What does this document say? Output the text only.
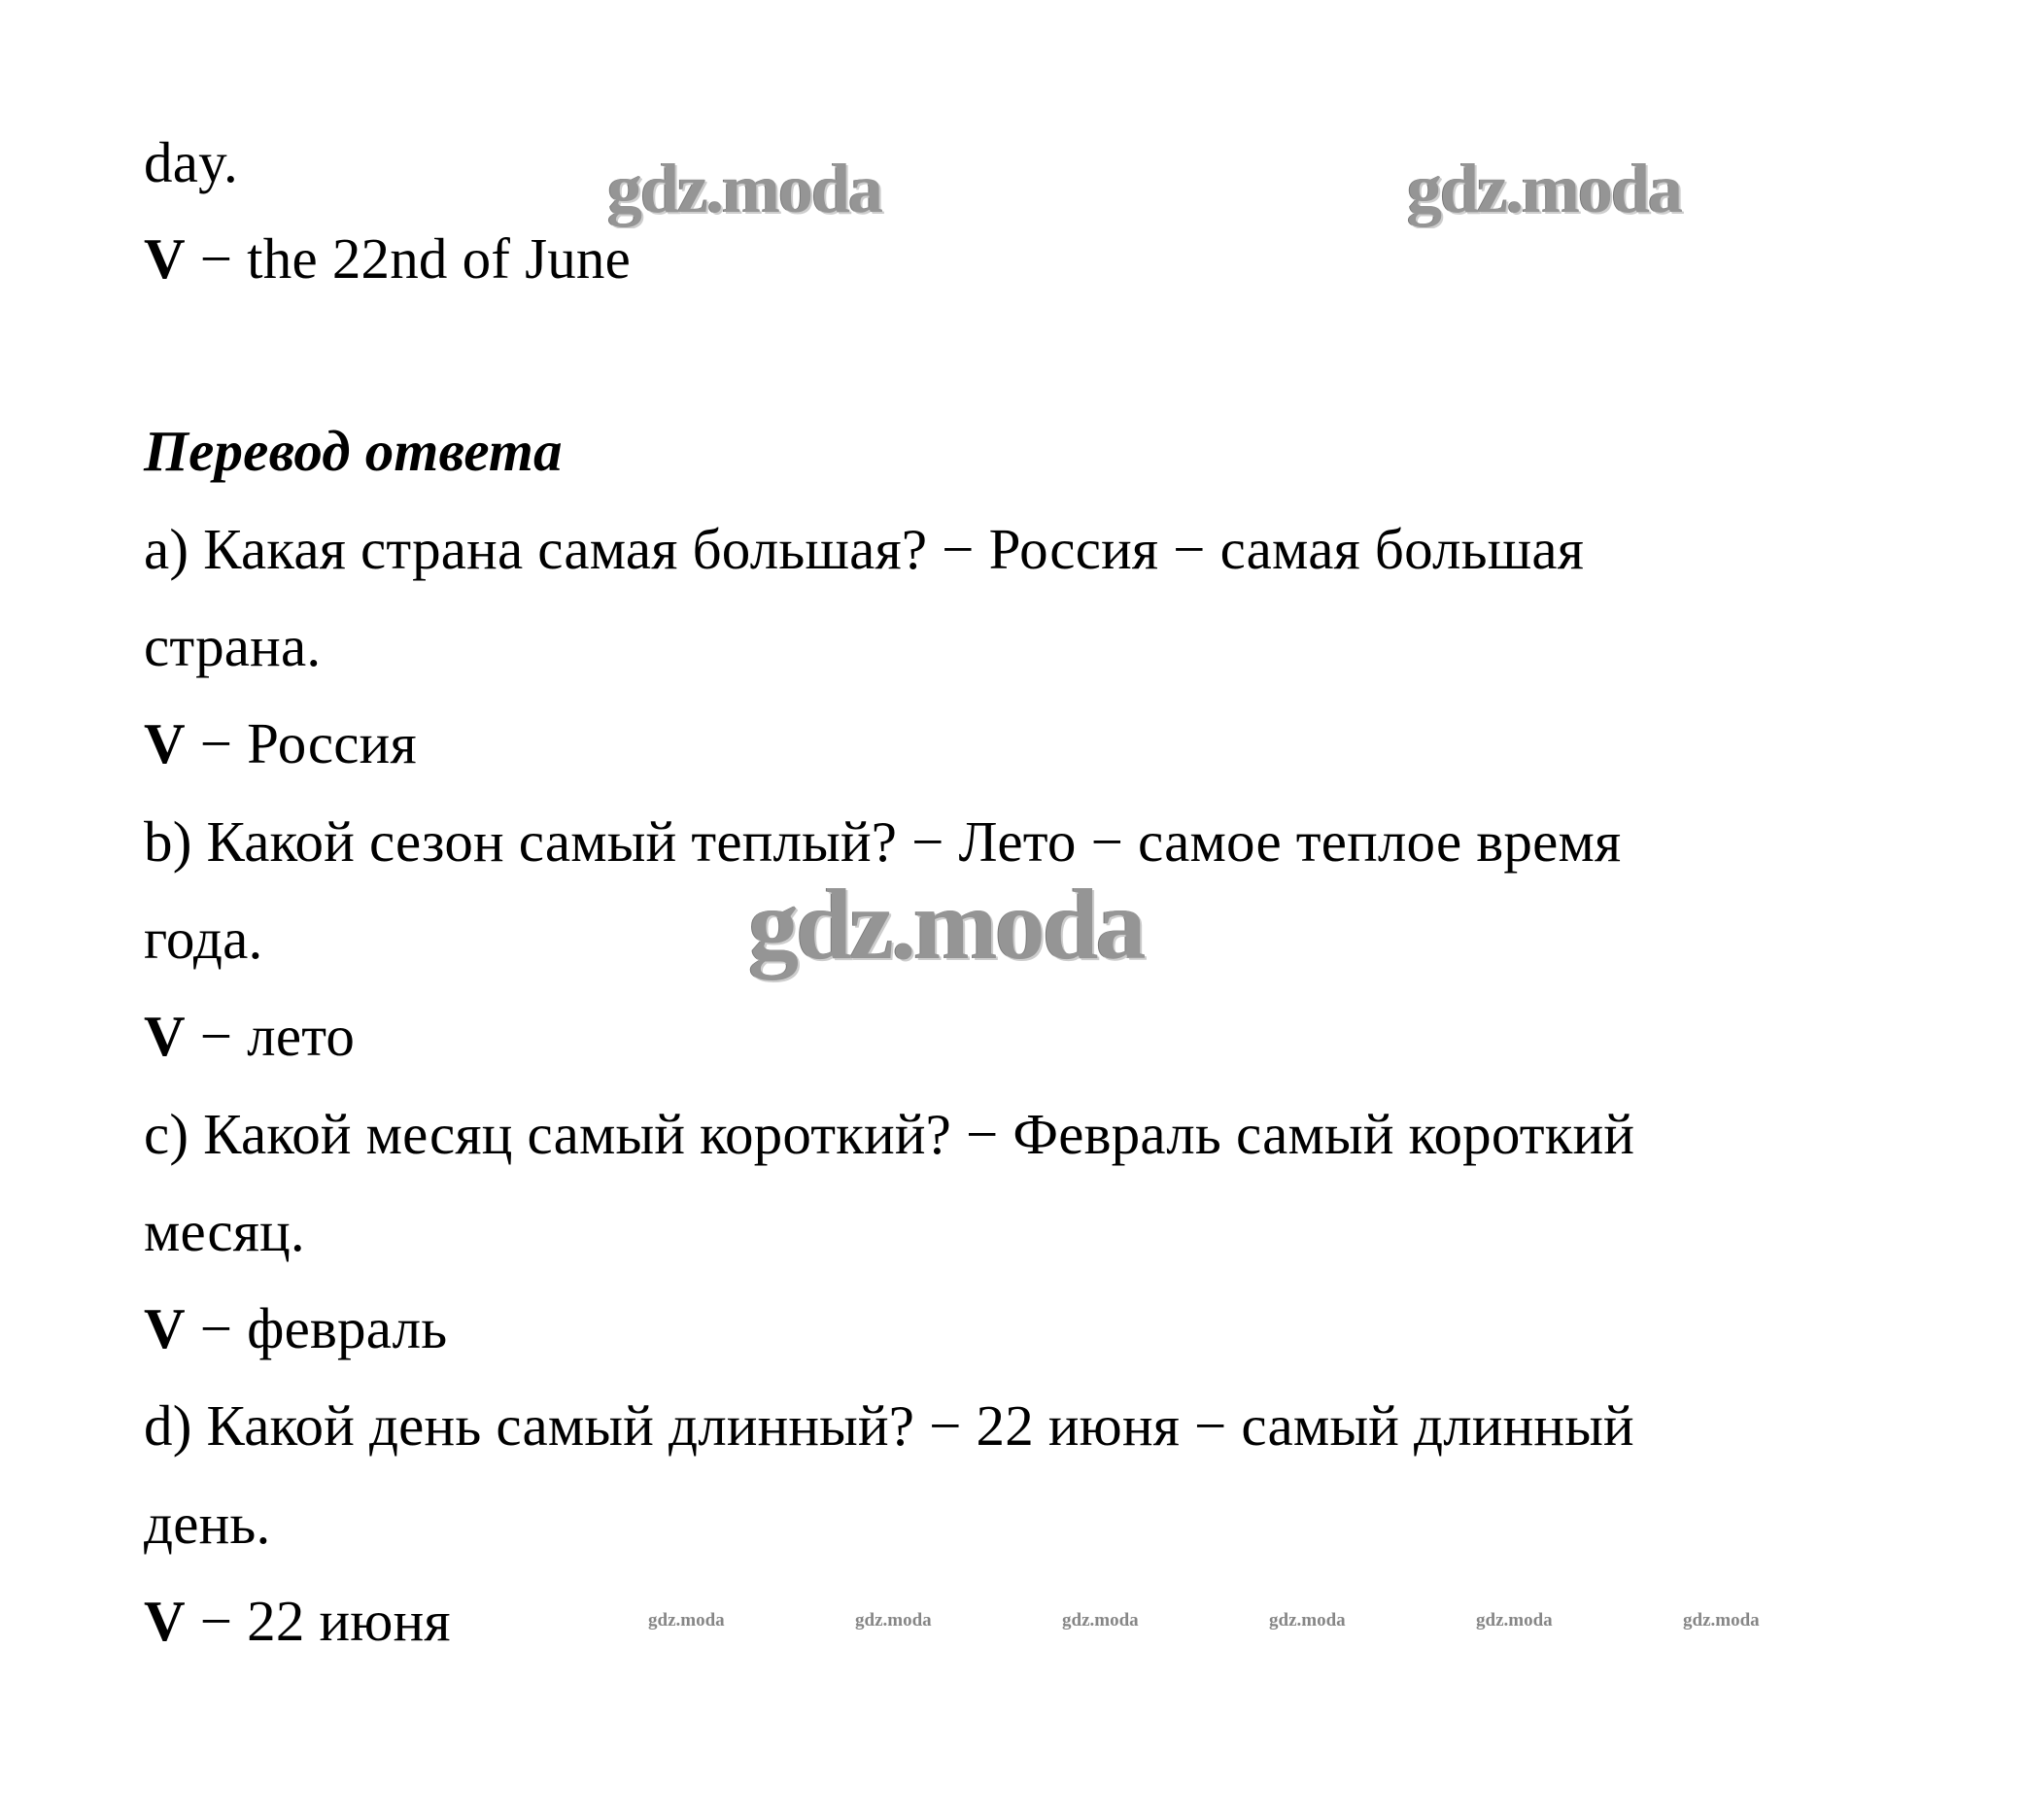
day.

V − the 22nd of June

Перевод ответа

a) Какая страна самая большая? − Россия − самая большая

страна.

V − Россия

b) Какой сезон самый теплый? − Лето − самое теплое время

года.

V − лето

c) Какой месяц самый короткий? − Февраль самый короткий

месяц.

V − февраль

d) Какой день самый длинный? − 22 июня − самый длинный

день.

V − 22 июня

gdz.moda	gdz.moda
gdz.moda
gdz.moda	gdz.moda	gdz.moda	gdz.moda	gdz.moda	gdz.moda
